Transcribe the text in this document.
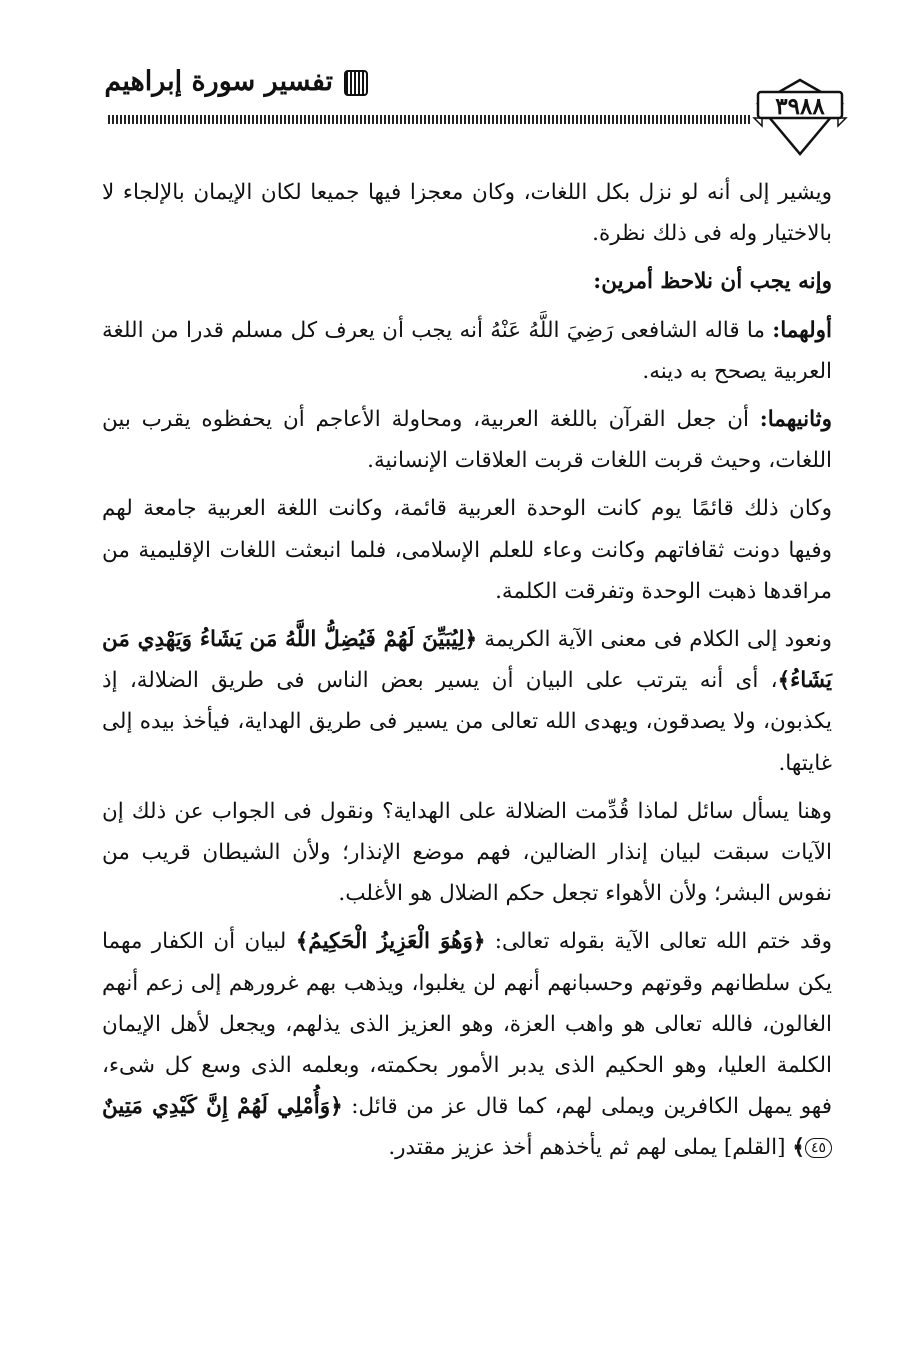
تفسير سورة إبراهيم
٣٩٨٨

ويشير إلى أنه لو نزل بكل اللغات، وكان معجزا فيها جميعا لكان الإيمان بالإلجاء لا بالاختيار وله فى ذلك نظرة.

وإنه يجب أن نلاحظ أمرين:

أولهما: ما قاله الشافعى رَضِيَ اللَّهُ عَنْهُ أنه يجب أن يعرف كل مسلم قدرا من اللغة العربية يصحح به دينه.

وثانيهما: أن جعل القرآن باللغة العربية، ومحاولة الأعاجم أن يحفظوه يقرب بين اللغات، وحيث قربت اللغات قربت العلاقات الإنسانية.

وكان ذلك قائمًا يوم كانت الوحدة العربية قائمة، وكانت اللغة العربية جامعة لهم وفيها دونت ثقافاتهم وكانت وعاء للعلم الإسلامى، فلما انبعثت اللغات الإقليمية من مراقدها ذهبت الوحدة وتفرقت الكلمة.

ونعود إلى الكلام فى معنى الآية الكريمة ﴿لِيُبَيِّنَ لَهُمْ فَيُضِلُّ اللَّهُ مَن يَشَاءُ وَيَهْدِي مَن يَشَاءُ﴾، أى أنه يترتب على البيان أن يسير بعض الناس فى طريق الضلالة، إذ يكذبون، ولا يصدقون، ويهدى الله تعالى من يسير فى طريق الهداية، فيأخذ بيده إلى غايتها.

وهنا يسأل سائل لماذا قُدِّمت الضلالة على الهداية؟ ونقول فى الجواب عن ذلك إن الآيات سبقت لبيان إنذار الضالين، فهم موضع الإنذار؛ ولأن الشيطان قريب من نفوس البشر؛ ولأن الأهواء تجعل حكم الضلال هو الأغلب.

وقد ختم الله تعالى الآية بقوله تعالى: ﴿وَهُوَ الْعَزِيزُ الْحَكِيمُ﴾ لبيان أن الكفار مهما يكن سلطانهم وقوتهم وحسبانهم أنهم لن يغلبوا، ويذهب بهم غرورهم إلى زعم أنهم الغالون، فالله تعالى هو واهب العزة، وهو العزيز الذى يذلهم، ويجعل لأهل الإيمان الكلمة العليا، وهو الحكيم الذى يدبر الأمور بحكمته، وبعلمه الذى وسع كل شىء، فهو يمهل الكافرين ويملى لهم، كما قال عز من قائل: ﴿وَأُمْلِي لَهُمْ إِنَّ كَيْدِي مَتِينٌ ٤٥﴾ [القلم] يملى لهم ثم يأخذهم أخذ عزيز مقتدر.
